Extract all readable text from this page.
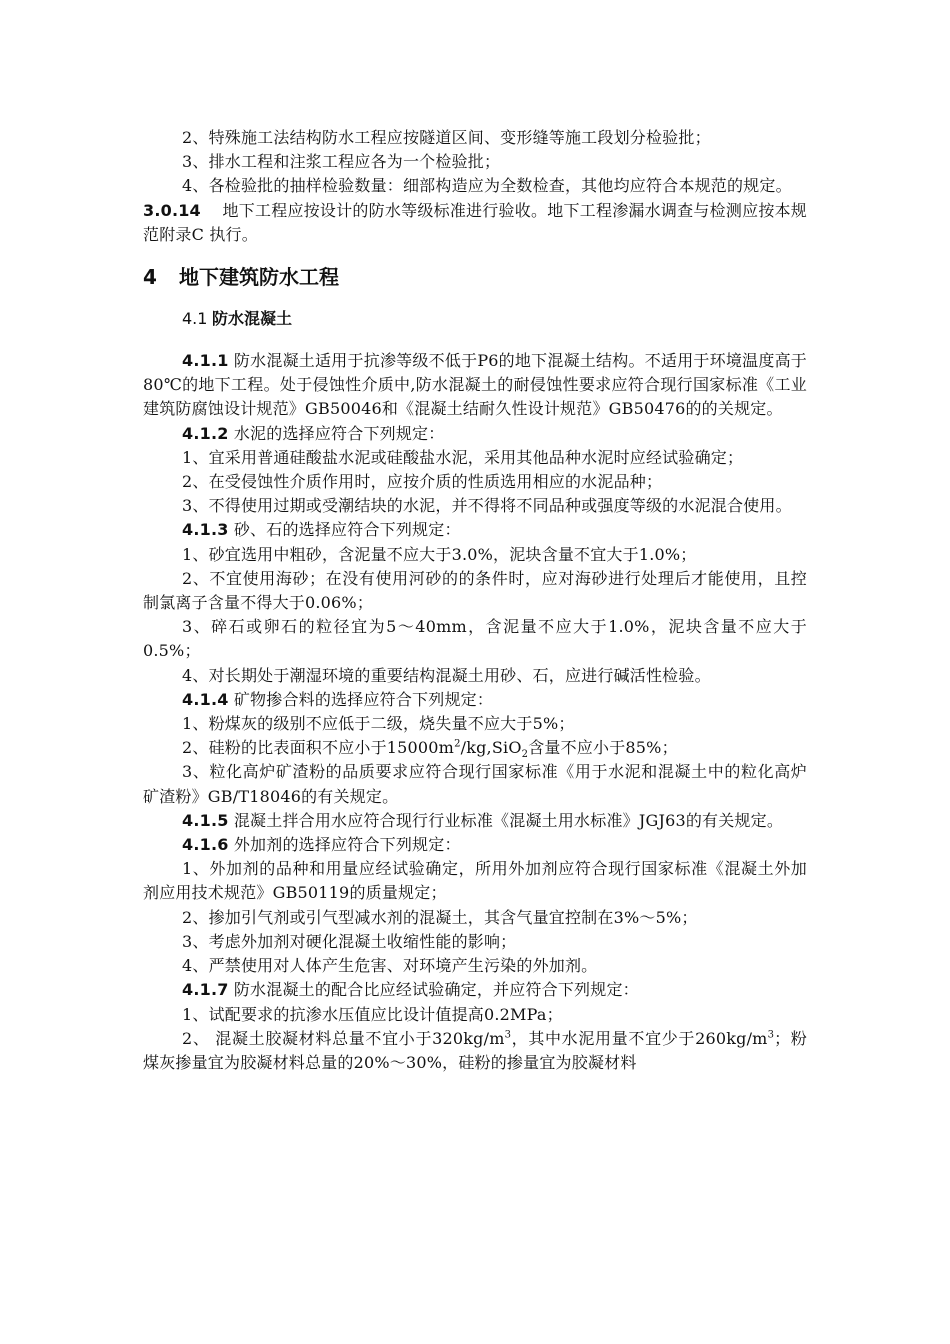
2、特殊施工法结构防水工程应按隧道区间、变形缝等施工段划分检验批；

3、排水工程和注浆工程应各为一个检验批；

4、各检验批的抽样检验数量：细部构造应为全数检查，其他均应符合本规范的规定。

3.0.14　 地下工程应按设计的防水等级标准进行验收。地下工程渗漏水调查与检测应按本规范附录C 执行。

4 地下建筑防水工程
4.1 防水混凝土

4.1.1 防水混凝土适用于抗渗等级不低于P6的地下混凝土结构。不适用于环境温度高于80℃的地下工程。处于侵蚀性介质中,防水混凝土的耐侵蚀性要求应符合现行国家标准《工业建筑防腐蚀设计规范》GB50046和《混凝土结耐久性设计规范》GB50476的的关规定。

4.1.2 水泥的选择应符合下列规定：

1、宜采用普通硅酸盐水泥或硅酸盐水泥，采用其他品种水泥时应经试验确定；

2、在受侵蚀性介质作用时，应按介质的性质选用相应的水泥品种；

3、不得使用过期或受潮结块的水泥，并不得将不同品种或强度等级的水泥混合使用。

4.1.3 砂、石的选择应符合下列规定：

1、砂宜选用中粗砂，含泥量不应大于3.0%，泥块含量不宜大于1.0%；

2、不宜使用海砂；在没有使用河砂的的条件时，应对海砂进行处理后才能使用，且控制氯离子含量不得大于0.06%；

3、碎石或卵石的粒径宜为5～40mm，含泥量不应大于1.0%，泥块含量不应大于0.5%；

4、对长期处于潮湿环境的重要结构混凝土用砂、石，应进行碱活性检验。

4.1.4 矿物掺合料的选择应符合下列规定：

1、粉煤灰的级别不应低于二级，烧失量不应大于5%；

2、硅粉的比表面积不应小于$15000m^2/kg,SiO_2$含量不应小于85%；

3、粒化高炉矿渣粉的品质要求应符合现行国家标准《用于水泥和混凝土中的粒化高炉矿渣粉》GB/T18046的有关规定。

4.1.5 混凝土拌合用水应符合现行行业标准《混凝土用水标准》JGJ63的有关规定。

4.1.6 外加剂的选择应符合下列规定：

1、外加剂的品种和用量应经试验确定，所用外加剂应符合现行国家标准《混凝土外加剂应用技术规范》GB50119的质量规定；

2、掺加引气剂或引气型减水剂的混凝土，其含气量宜控制在3%～5%；

3、考虑外加剂对硬化混凝土收缩性能的影响；

4、严禁使用对人体产生危害、对环境产生污染的外加剂。

4.1.7 防水混凝土的配合比应经试验确定，并应符合下列规定：

1、试配要求的抗渗水压值应比设计值提高0.2MPa；

2、 混凝土胶凝材料总量不宜小于$320kg/m^3$，其中水泥用量不宜少于$260kg/m^3$；粉煤灰掺量宜为胶凝材料总量的20%～30%，硅粉的掺量宜为胶凝材料
